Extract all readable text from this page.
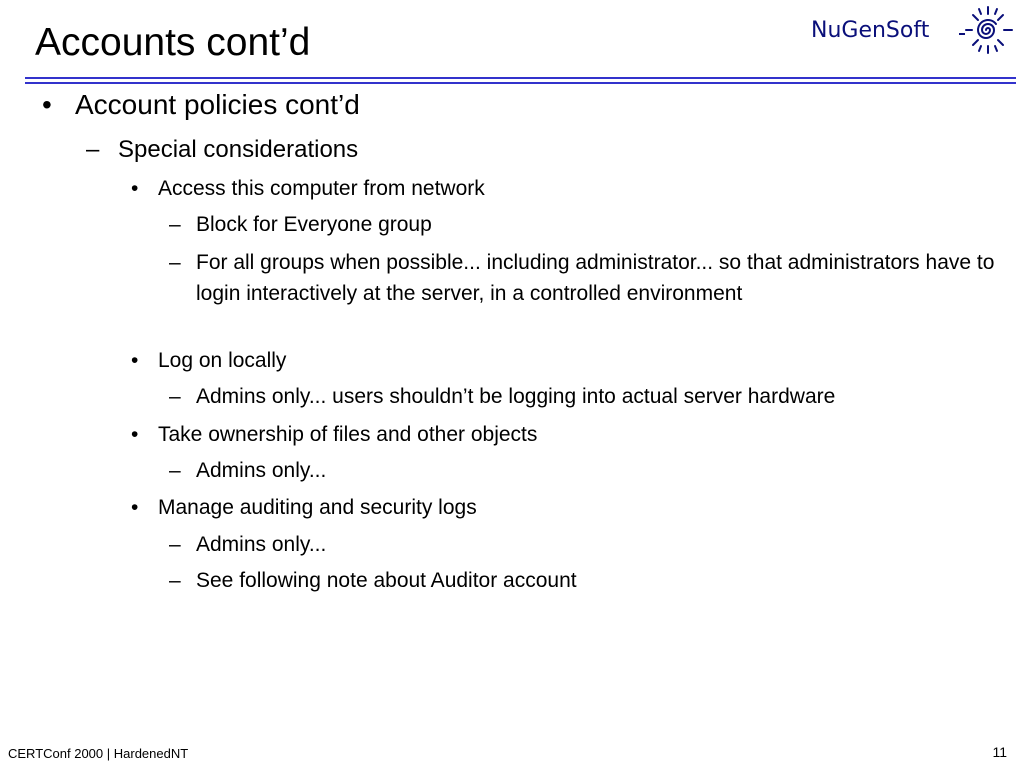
Accounts cont’d	NuGenSoft
• Account policies cont’d
– Special considerations
• Access this computer from network
– Block for Everyone group
– For all groups when possible... including administrator... so that administrators have to login interactively at the server, in a controlled environment
• Log on locally
– Admins only... users shouldn’t be logging into actual server hardware
• Take ownership of files and other objects
– Admins only...
• Manage auditing and security logs
– Admins only...
– See following note about Auditor account
CERTConf 2000 | HardenedNT	11
